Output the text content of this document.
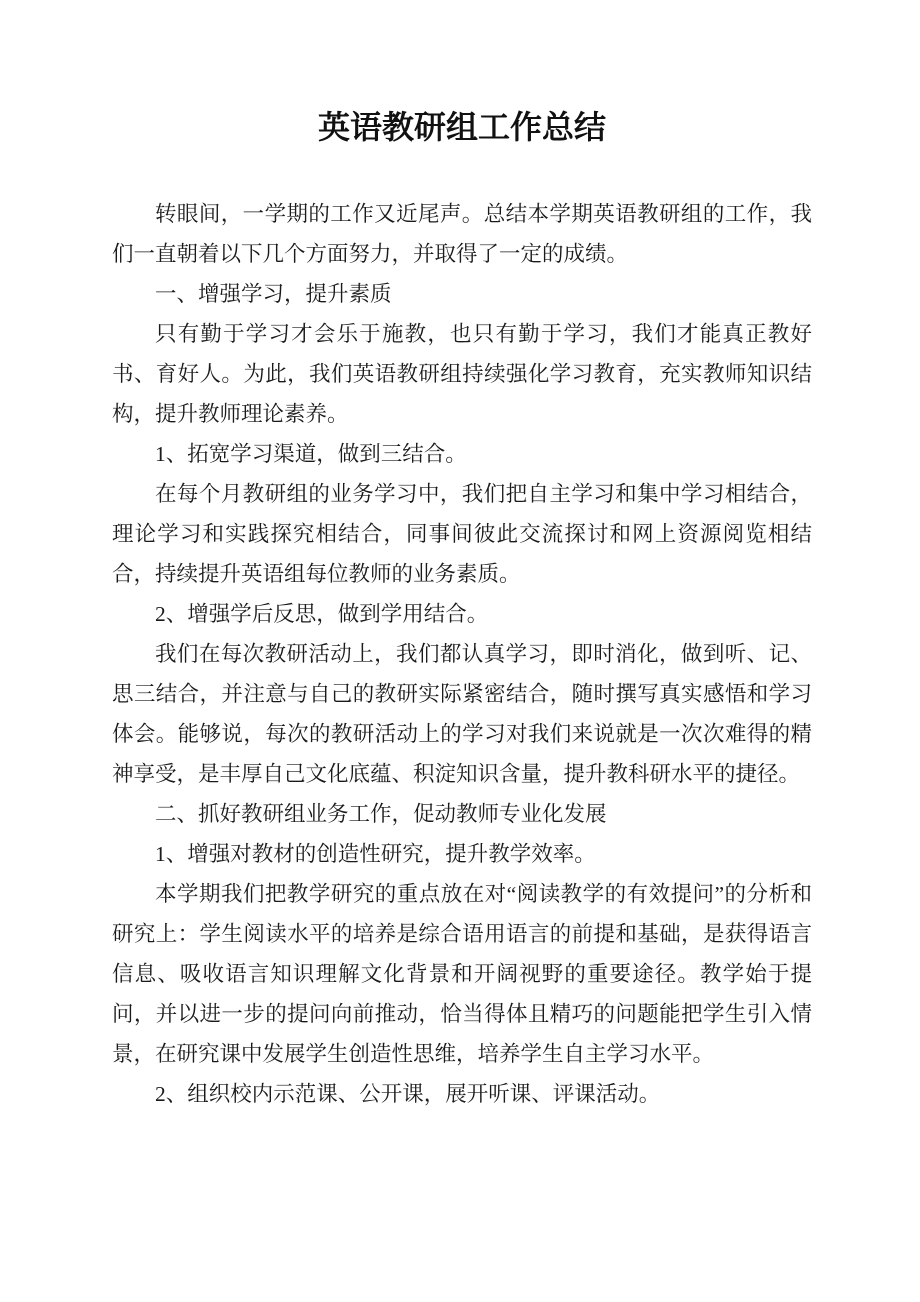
英语教研组工作总结

转眼间，一学期的工作又近尾声。总结本学期英语教研组的工作，我们一直朝着以下几个方面努力，并取得了一定的成绩。

一、增强学习，提升素质

只有勤于学习才会乐于施教，也只有勤于学习，我们才能真正教好书、育好人。为此，我们英语教研组持续强化学习教育，充实教师知识结构，提升教师理论素养。

1、拓宽学习渠道，做到三结合。

在每个月教研组的业务学习中，我们把自主学习和集中学习相结合，理论学习和实践探究相结合，同事间彼此交流探讨和网上资源阅览相结合，持续提升英语组每位教师的业务素质。

2、增强学后反思，做到学用结合。

我们在每次教研活动上，我们都认真学习，即时消化，做到听、记、思三结合，并注意与自己的教研实际紧密结合，随时撰写真实感悟和学习体会。能够说，每次的教研活动上的学习对我们来说就是一次次难得的精神享受，是丰厚自己文化底蕴、积淀知识含量，提升教科研水平的捷径。

二、抓好教研组业务工作，促动教师专业化发展

1、增强对教材的创造性研究，提升教学效率。

本学期我们把教学研究的重点放在对“阅读教学的有效提问”的分析和研究上：学生阅读水平的培养是综合语用语言的前提和基础，是获得语言信息、吸收语言知识理解文化背景和开阔视野的重要途径。教学始于提问，并以进一步的提问向前推动，恰当得体且精巧的问题能把学生引入情景，在研究课中发展学生创造性思维，培养学生自主学习水平。

2、组织校内示范课、公开课，展开听课、评课活动。
